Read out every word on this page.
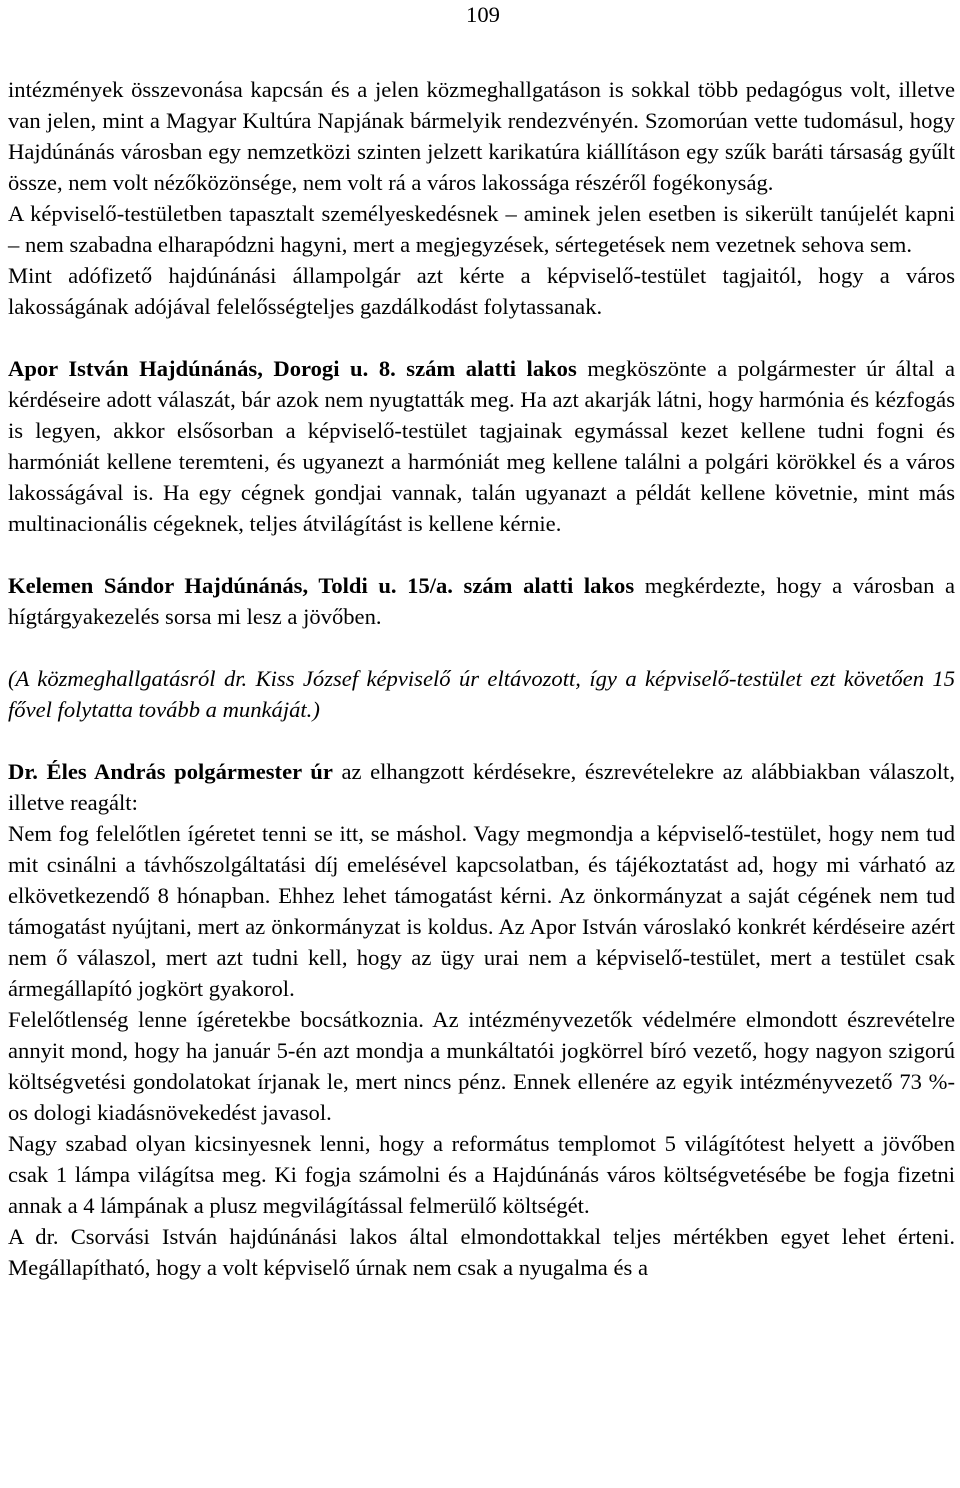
109

intézmények összevonása kapcsán és a jelen közmeghallgatáson is sokkal több pedagógus volt, illetve van jelen, mint a Magyar Kultúra Napjának bármelyik rendezvényén. Szomorúan vette tudomásul, hogy Hajdúnánás városban egy nemzetközi szinten jelzett karikatúra kiállításon egy szűk baráti társaság gyűlt össze, nem volt nézőközönsége, nem volt rá a város lakossága részéről fogékonyság.

A képviselő-testületben tapasztalt személyeskedésnek – aminek jelen esetben is sikerült tanújelét kapni – nem szabadna elharapódzni hagyni, mert a megjegyzések, sértegetések nem vezetnek sehova sem.

Mint adófizető hajdúnánási állampolgár azt kérte a képviselő-testület tagjaitól, hogy a város lakosságának adójával felelősségteljes gazdálkodást folytassanak.

Apor István Hajdúnánás, Dorogi u. 8. szám alatti lakos megköszönte a polgármester úr által a kérdéseire adott válaszát, bár azok nem nyugtatták meg. Ha azt akarják látni, hogy harmónia és kézfogás is legyen, akkor elsősorban a képviselő-testület tagjainak egymással kezet kellene tudni fogni és harmóniát kellene teremteni, és ugyanezt a harmóniát meg kellene találni a polgári körökkel és a város lakosságával is. Ha egy cégnek gondjai vannak, talán ugyanazt a példát kellene követnie, mint más multinacionális cégeknek, teljes átvilágítást is kellene kérnie.

Kelemen Sándor Hajdúnánás, Toldi u. 15/a. szám alatti lakos megkérdezte, hogy a városban a hígtárgyakezelés sorsa mi lesz a jövőben.

(A közmeghallgatásról dr. Kiss József képviselő úr eltávozott, így a képviselő-testület ezt követően 15 fővel folytatta tovább a munkáját.)

Dr. Éles András polgármester úr az elhangzott kérdésekre, észrevételekre az alábbiakban válaszolt, illetve reagált:

Nem fog felelőtlen ígéretet tenni se itt, se máshol. Vagy megmondja a képviselő-testület, hogy nem tud mit csinálni a távhőszolgáltatási díj emelésével kapcsolatban, és tájékoztatást ad, hogy mi várható az elkövetkezendő 8 hónapban. Ehhez lehet támogatást kérni. Az önkormányzat a saját cégének nem tud támogatást nyújtani, mert az önkormányzat is koldus. Az Apor István városlakó konkrét kérdéseire azért nem ő válaszol, mert azt tudni kell, hogy az ügy urai nem a képviselő-testület, mert a testület csak ármegállapító jogkört gyakorol.

Felelőtlenség lenne ígéretekbe bocsátkoznia. Az intézményvezetők védelmére elmondott észrevételre annyit mond, hogy ha január 5-én azt mondja a munkáltatói jogkörrel bíró vezető, hogy nagyon szigorú költségvetési gondolatokat írjanak le, mert nincs pénz. Ennek ellenére az egyik intézményvezető 73 %-os dologi kiadásnövekedést javasol.

Nagy szabad olyan kicsinyesnek lenni, hogy a református templomot 5 világítótest helyett a jövőben csak 1 lámpa világítsa meg. Ki fogja számolni és a Hajdúnánás város költségvetésébe be fogja fizetni annak a 4 lámpának a plusz megvilágítással felmerülő költségét.

A dr. Csorvási István hajdúnánási lakos által elmondottakkal teljes mértékben egyet lehet érteni. Megállapítható, hogy a volt képviselő úrnak nem csak a nyugalma és a
